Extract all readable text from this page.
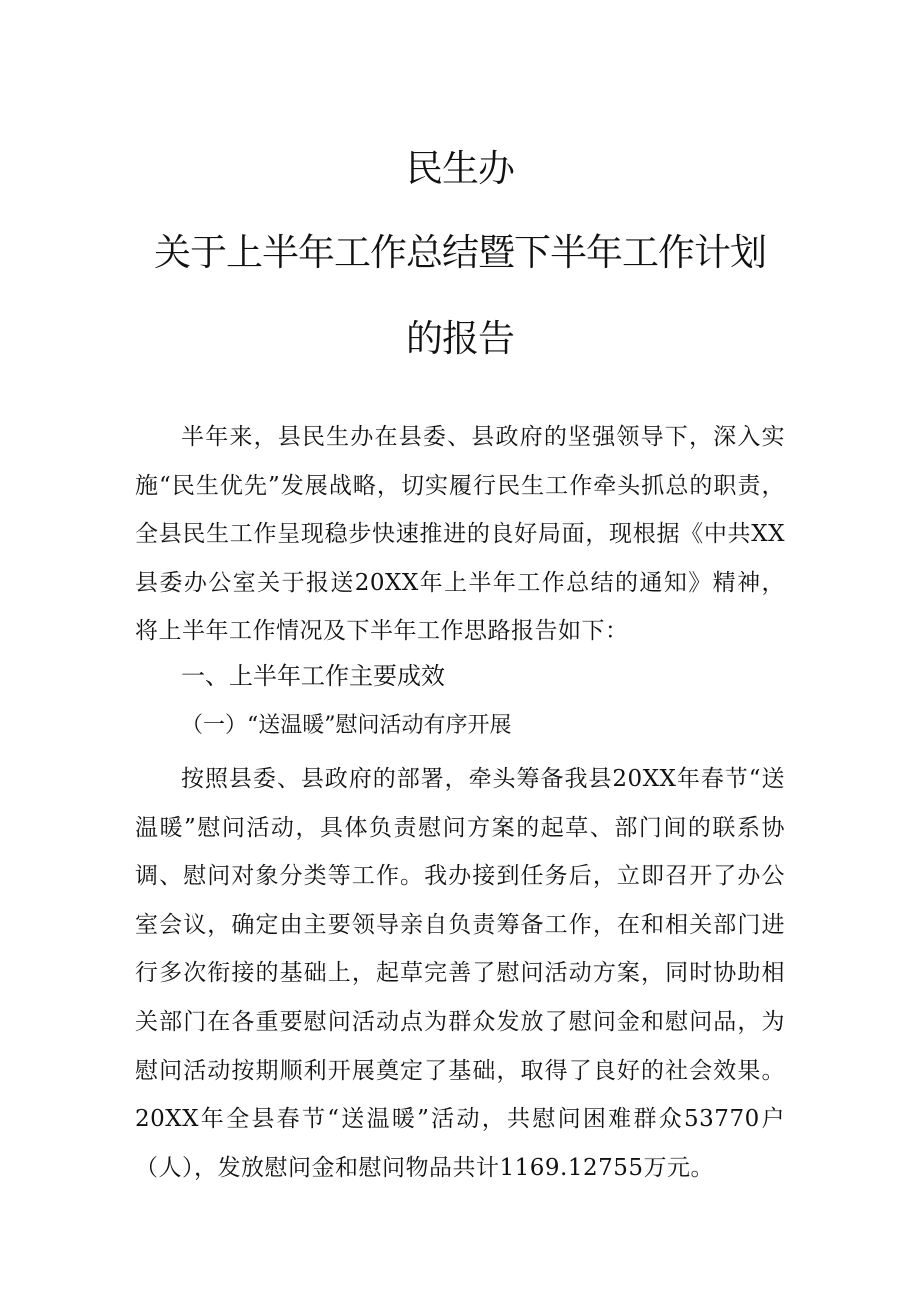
民生办
关于上半年工作总结暨下半年工作计划
的报告

半年来，县民生办在县委、县政府的坚强领导下，深入实施“民生优先”发展战略，切实履行民生工作牵头抓总的职责，全县民生工作呈现稳步快速推进的良好局面，现根据《中共XX县委办公室关于报送20XX年上半年工作总结的通知》精神，将上半年工作情况及下半年工作思路报告如下：

一、上半年工作主要成效
（一）“送温暖”慰问活动有序开展

按照县委、县政府的部署，牵头筹备我县20XX年春节“送温暖”慰问活动，具体负责慰问方案的起草、部门间的联系协调、慰问对象分类等工作。我办接到任务后，立即召开了办公室会议，确定由主要领导亲自负责筹备工作，在和相关部门进行多次衔接的基础上，起草完善了慰问活动方案，同时协助相关部门在各重要慰问活动点为群众发放了慰问金和慰问品，为慰问活动按期顺利开展奠定了基础，取得了良好的社会效果。20XX年全县春节“送温暖”活动，共慰问困难群众53770户（人），发放慰问金和慰问物品共计1169.12755万元。
